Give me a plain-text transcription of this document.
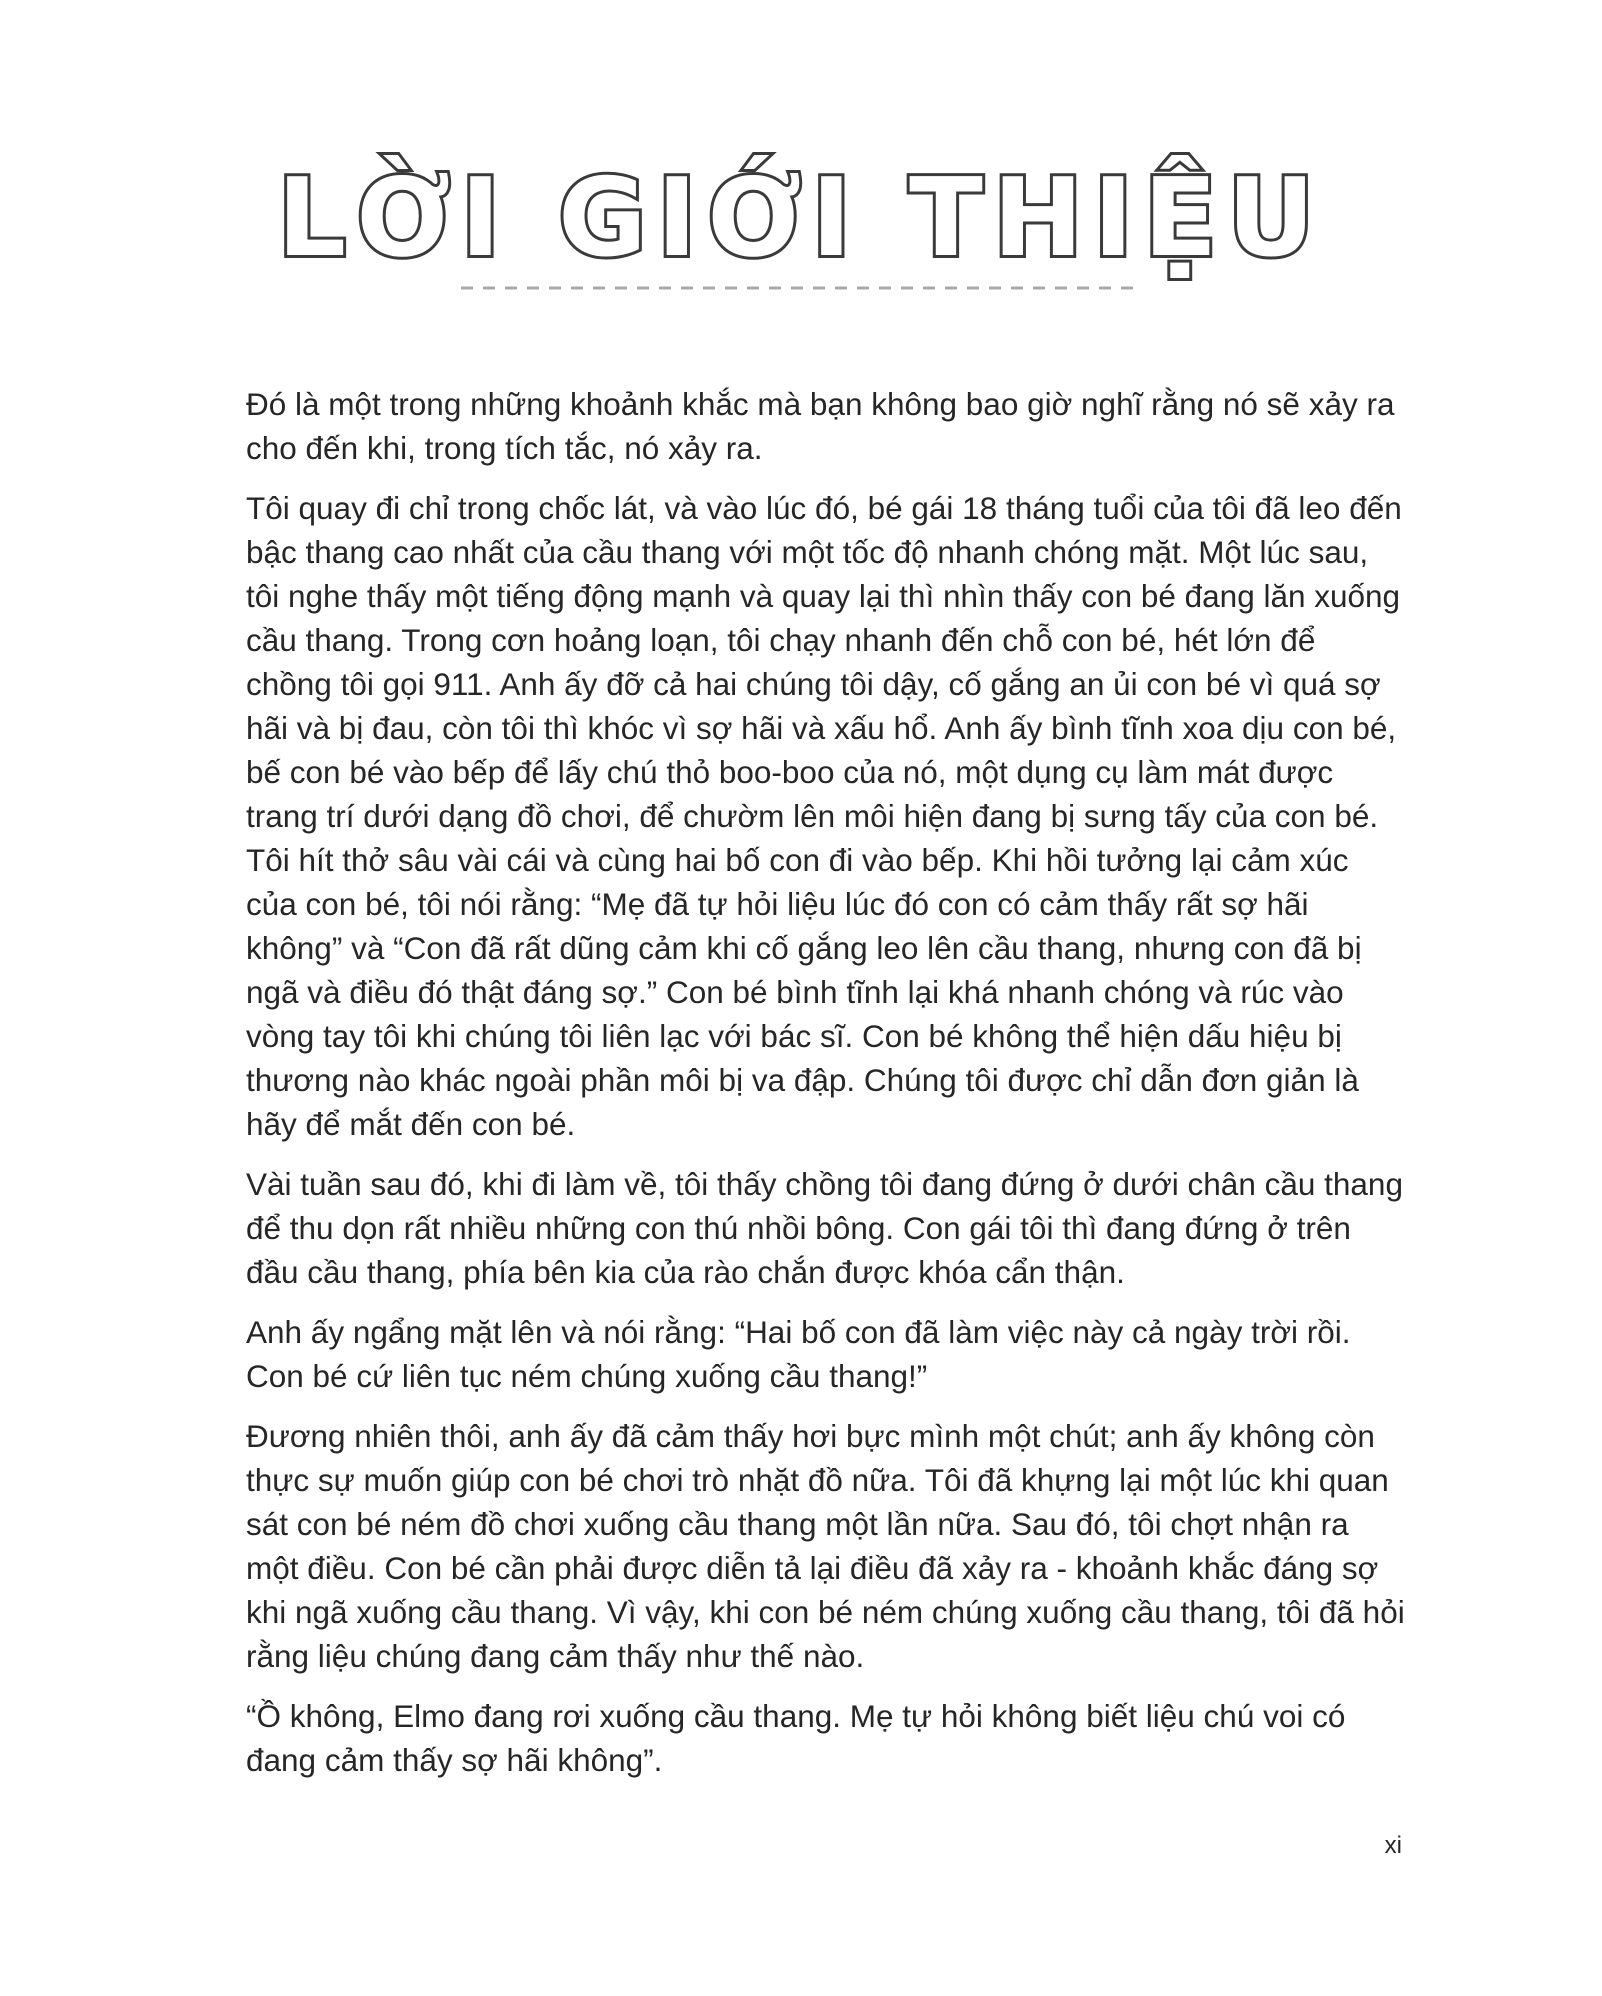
LỜI GIỚI THIỆU

Đó là một trong những khoảnh khắc mà bạn không bao giờ nghĩ rằng nó sẽ xảy ra cho đến khi, trong tích tắc, nó xảy ra.

Tôi quay đi chỉ trong chốc lát, và vào lúc đó, bé gái 18 tháng tuổi của tôi đã leo đến bậc thang cao nhất của cầu thang với một tốc độ nhanh chóng mặt. Một lúc sau, tôi nghe thấy một tiếng động mạnh và quay lại thì nhìn thấy con bé đang lăn xuống cầu thang. Trong cơn hoảng loạn, tôi chạy nhanh đến chỗ con bé, hét lớn để chồng tôi gọi 911. Anh ấy đỡ cả hai chúng tôi dậy, cố gắng an ủi con bé vì quá sợ hãi và bị đau, còn tôi thì khóc vì sợ hãi và xấu hổ. Anh ấy bình tĩnh xoa dịu con bé, bế con bé vào bếp để lấy chú thỏ boo-boo của nó, một dụng cụ làm mát được trang trí dưới dạng đồ chơi, để chườm lên môi hiện đang bị sưng tấy của con bé. Tôi hít thở sâu vài cái và cùng hai bố con đi vào bếp. Khi hồi tưởng lại cảm xúc của con bé, tôi nói rằng: “Mẹ đã tự hỏi liệu lúc đó con có cảm thấy rất sợ hãi không” và “Con đã rất dũng cảm khi cố gắng leo lên cầu thang, nhưng con đã bị ngã và điều đó thật đáng sợ.” Con bé bình tĩnh lại khá nhanh chóng và rúc vào vòng tay tôi khi chúng tôi liên lạc với bác sĩ. Con bé không thể hiện dấu hiệu bị thương nào khác ngoài phần môi bị va đập. Chúng tôi được chỉ dẫn đơn giản là hãy để mắt đến con bé.

Vài tuần sau đó, khi đi làm về, tôi thấy chồng tôi đang đứng ở dưới chân cầu thang để thu dọn rất nhiều những con thú nhồi bông. Con gái tôi thì đang đứng ở trên đầu cầu thang, phía bên kia của rào chắn được khóa cẩn thận.

Anh ấy ngẩng mặt lên và nói rằng: “Hai bố con đã làm việc này cả ngày trời rồi. Con bé cứ liên tục ném chúng xuống cầu thang!”

Đương nhiên thôi, anh ấy đã cảm thấy hơi bực mình một chút; anh ấy không còn thực sự muốn giúp con bé chơi trò nhặt đồ nữa. Tôi đã khựng lại một lúc khi quan sát con bé ném đồ chơi xuống cầu thang một lần nữa. Sau đó, tôi chợt nhận ra một điều. Con bé cần phải được diễn tả lại điều đã xảy ra - khoảnh khắc đáng sợ khi ngã xuống cầu thang. Vì vậy, khi con bé ném chúng xuống cầu thang, tôi đã hỏi rằng liệu chúng đang cảm thấy như thế nào.

“Ồ không, Elmo đang rơi xuống cầu thang. Mẹ tự hỏi không biết liệu chú voi có đang cảm thấy sợ hãi không”.

xi
